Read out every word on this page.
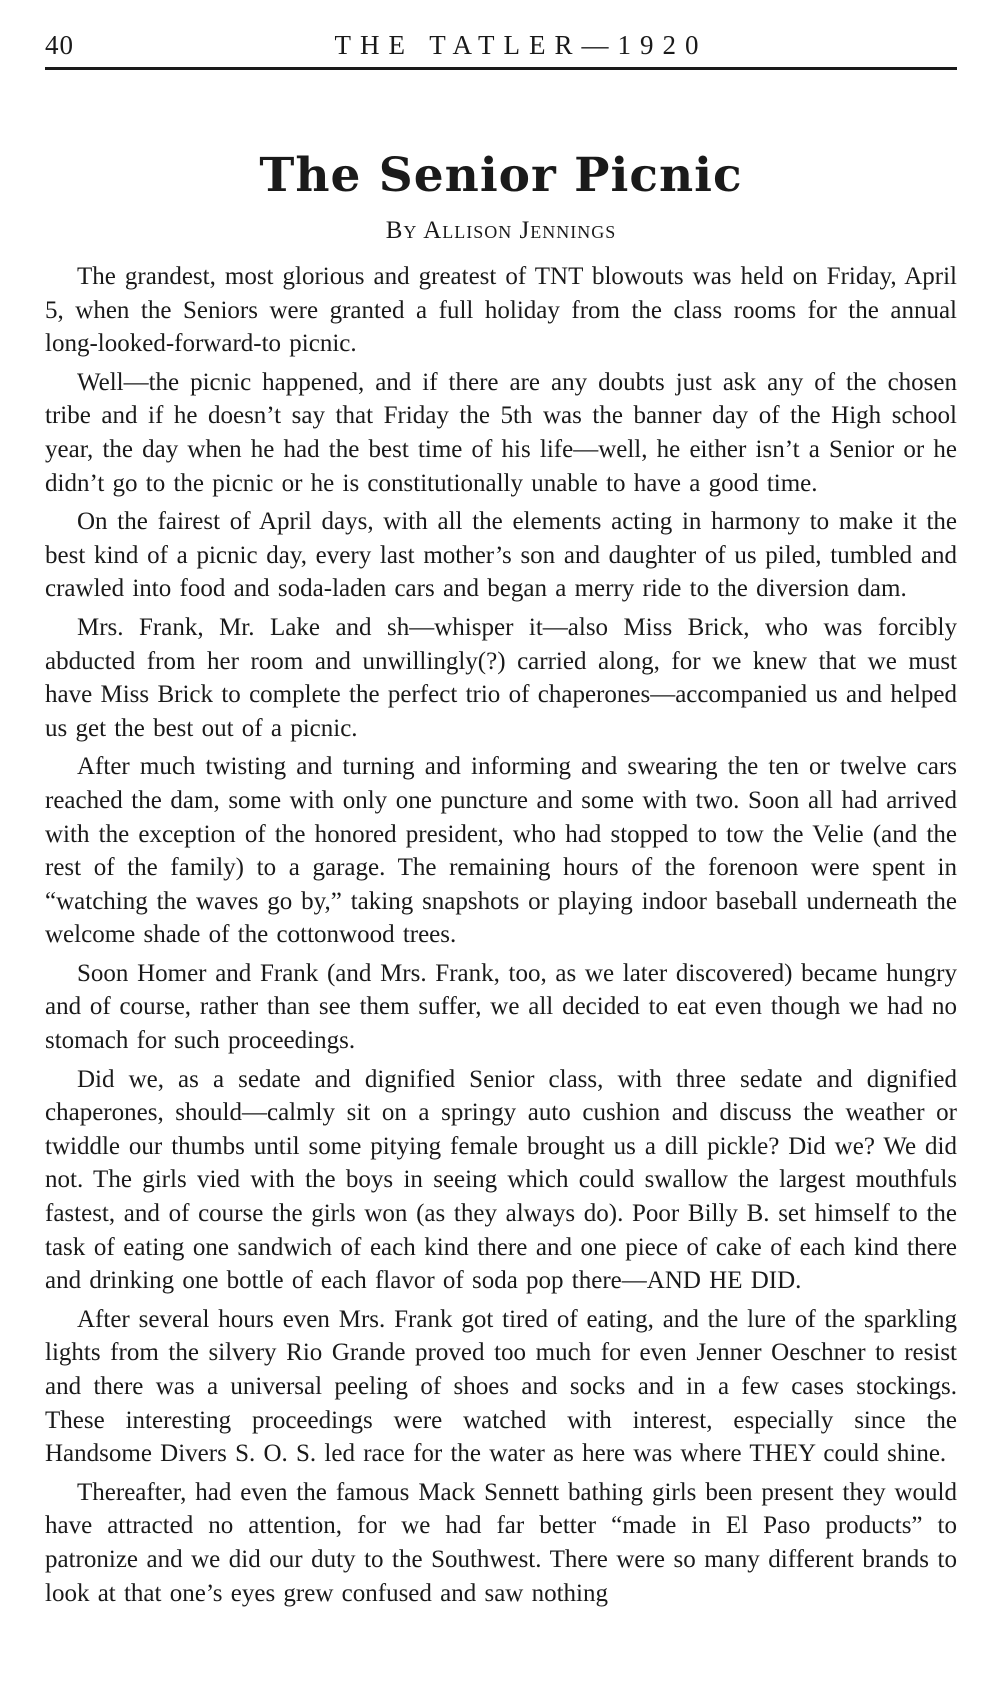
40	THE TATLER—1920
The Senior Picnic
By Allison Jennings

The grandest, most glorious and greatest of TNT blowouts was held on Friday, April 5, when the Seniors were granted a full holiday from the class rooms for the annual long-looked-forward-to picnic.

Well—the picnic happened, and if there are any doubts just ask any of the chosen tribe and if he doesn’t say that Friday the 5th was the banner day of the High school year, the day when he had the best time of his life—well, he either isn’t a Senior or he didn’t go to the picnic or he is constitutionally unable to have a good time.

On the fairest of April days, with all the elements acting in harmony to make it the best kind of a picnic day, every last mother’s son and daughter of us piled, tumbled and crawled into food and soda-laden cars and began a merry ride to the diversion dam.

Mrs. Frank, Mr. Lake and sh—whisper it—also Miss Brick, who was forcibly abducted from her room and unwillingly(?) carried along, for we knew that we must have Miss Brick to complete the perfect trio of chaperones—accompanied us and helped us get the best out of a picnic.

After much twisting and turning and informing and swearing the ten or twelve cars reached the dam, some with only one puncture and some with two. Soon all had arrived with the exception of the honored president, who had stopped to tow the Velie (and the rest of the family) to a garage. The remaining hours of the forenoon were spent in “watching the waves go by,” taking snapshots or playing indoor baseball underneath the welcome shade of the cottonwood trees.

Soon Homer and Frank (and Mrs. Frank, too, as we later discovered) became hungry and of course, rather than see them suffer, we all decided to eat even though we had no stomach for such proceedings.

Did we, as a sedate and dignified Senior class, with three sedate and dignified chaperones, should—calmly sit on a springy auto cushion and discuss the weather or twiddle our thumbs until some pitying female brought us a dill pickle? Did we? We did not. The girls vied with the boys in seeing which could swallow the largest mouthfuls fastest, and of course the girls won (as they always do). Poor Billy B. set himself to the task of eating one sandwich of each kind there and one piece of cake of each kind there and drinking one bottle of each flavor of soda pop there—AND HE DID.

After several hours even Mrs. Frank got tired of eating, and the lure of the sparkling lights from the silvery Rio Grande proved too much for even Jenner Oeschner to resist and there was a universal peeling of shoes and socks and in a few cases stockings. These interesting proceedings were watched with interest, especially since the Handsome Divers S. O. S. led race for the water as here was where THEY could shine.

Thereafter, had even the famous Mack Sennett bathing girls been present they would have attracted no attention, for we had far better “made in El Paso products” to patronize and we did our duty to the Southwest. There were so many different brands to look at that one’s eyes grew confused and saw nothing
